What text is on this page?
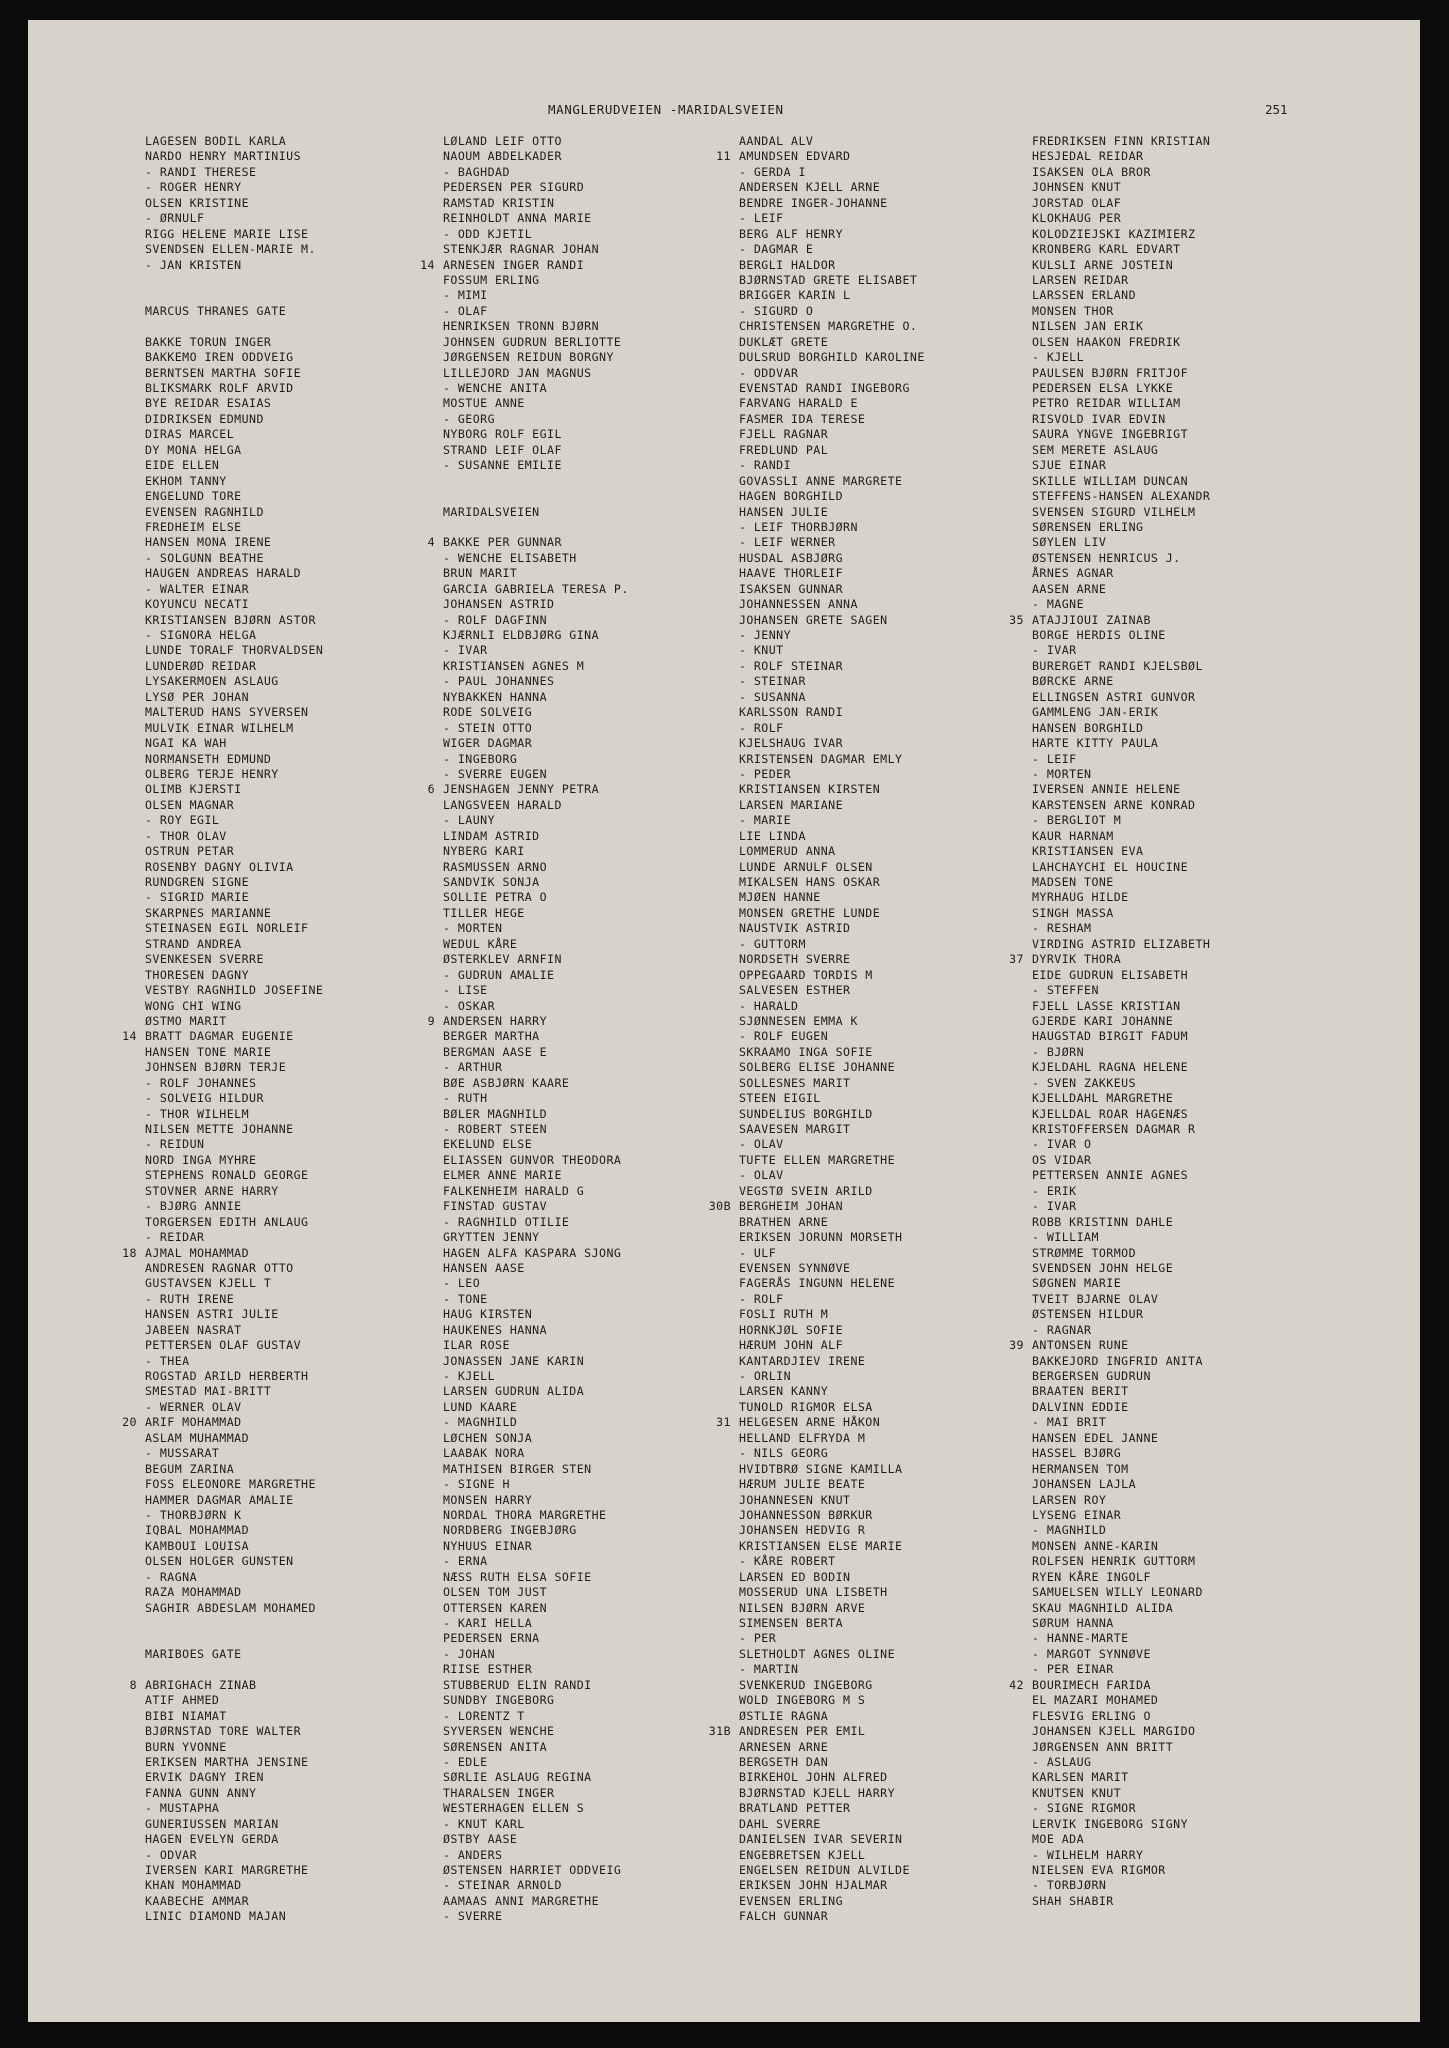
MANGLERUDVEIEN -MARIDALSVEIEN	251
LAGESEN BODIL KARLA
NARDO HENRY MARTINIUS
- RANDI THERESE
- ROGER HENRY
OLSEN KRISTINE
- ØRNULF
RIGG HELENE MARIE LISE
SVENDSEN ELLEN-MARIE M.
- JAN KRISTEN
MARCUS THRANES GATE
BAKKE TORUN INGER
BAKKEMO IREN ODDVEIG
BERNTSEN MARTHA SOFIE
BLIKSMARK ROLF ARVID
BYE REIDAR ESAIAS
DIDRIKSEN EDMUND
DIRAS MARCEL
DY MONA HELGA
EIDE ELLEN
EKHOM TANNY
ENGELUND TORE
EVENSEN RAGNHILD
FREDHEIM ELSE
HANSEN MONA IRENE
- SOLGUNN BEATHE
HAUGEN ANDREAS HARALD
- WALTER EINAR
KOYUNCU NECATI
KRISTIANSEN BJØRN ASTOR
- SIGNORA HELGA
LUNDE TORALF THORVALDSEN
LUNDERØD REIDAR
LYSAKERMOEN ASLAUG
LYSØ PER JOHAN
MALTERUD HANS SYVERSEN
MULVIK EINAR WILHELM
NGAI KA WAH
NORMANSETH EDMUND
OLBERG TERJE HENRY
OLIMB KJERSTI
OLSEN MAGNAR
- ROY EGIL
- THOR OLAV
OSTRUN PETAR
ROSENBY DAGNY OLIVIA
RUNDGREN SIGNE
- SIGRID MARIE
SKARPNES MARIANNE
STEINASEN EGIL NORLEIF
STRAND ANDREA
SVENKESEN SVERRE
THORESEN DAGNY
VESTBY RAGNHILD JOSEFINE
WONG CHI WING
ØSTMO MARIT
14 BRATT DAGMAR EUGENIE
HANSEN TONE MARIE
JOHNSEN BJØRN TERJE
- ROLF JOHANNES
- SOLVEIG HILDUR
- THOR WILHELM
NILSEN METTE JOHANNE
- REIDUN
NORD INGA MYHRE
STEPHENS RONALD GEORGE
STOVNER ARNE HARRY
- BJØRG ANNIE
TORGERSEN EDITH ANLAUG
- REIDAR
18 AJMAL MOHAMMAD
ANDRESEN RAGNAR OTTO
GUSTAVSEN KJELL T
- RUTH IRENE
HANSEN ASTRI JULIE
JABEEN NASRAT
PETTERSEN OLAF GUSTAV
- THEA
ROGSTAD ARILD HERBERTH
SMESTAD MAI-BRITT
- WERNER OLAV
20 ARIF MOHAMMAD
ASLAM MUHAMMAD
- MUSSARAT
BEGUM ZARINA
FOSS ELEONORE MARGRETHE
HAMMER DAGMAR AMALIE
- THORBJØRN K
IQBAL MOHAMMAD
KAMBOUI LOUISA
OLSEN HOLGER GUNSTEN
- RAGNA
RAZA MOHAMMAD
SAGHIR ABDESLAM MOHAMED
MARIBOES GATE
8 ABRIGHACH ZINAB
ATIF AHMED
BIBI NIAMAT
BJØRNSTAD TORE WALTER
BURN YVONNE
ERIKSEN MARTHA JENSINE
ERVIK DAGNY IREN
FANNA GUNN ANNY
- MUSTAPHA
GUNERIUSSEN MARIAN
HAGEN EVELYN GERDA
- ODVAR
IVERSEN KARI MARGRETHE
KHAN MOHAMMAD
KAABECHE AMMAR
LINIC DIAMOND MAJAN
LØLAND LEIF OTTO
NAOUM ABDELKADER
- BAGHDAD
PEDERSEN PER SIGURD
RAMSTAD KRISTIN
REINHOLDT ANNA MARIE
- ODD KJETIL
STENKJÆR RAGNAR JOHAN
14 ARNESEN INGER RANDI
FOSSUM ERLING
- MIMI
- OLAF
HENRIKSEN TRONN BJØRN
JOHNSEN GUDRUN BERLIOTTE
JØRGENSEN REIDUN BORGNY
LILLEJORD JAN MAGNUS
- WENCHE ANITA
MOSTUE ANNE
- GEORG
NYBORG ROLF EGIL
STRAND LEIF OLAF
- SUSANNE EMILIE
MARIDALSVEIEN
4 BAKKE PER GUNNAR
- WENCHE ELISABETH
BRUN MARIT
GARCIA GABRIELA TERESA P.
JOHANSEN ASTRID
- ROLF DAGFINN
KJÆRNLI ELDBJØRG GINA
- IVAR
KRISTIANSEN AGNES M
- PAUL JOHANNES
NYBAKKEN HANNA
RODE SOLVEIG
- STEIN OTTO
WIGER DAGMAR
- INGEBORG
- SVERRE EUGEN
6 JENSHAGEN JENNY PETRA
LANGSVEEN HARALD
- LAUNY
LINDAM ASTRID
NYBERG KARI
RASMUSSEN ARNO
SANDVIK SONJA
SOLLIE PETRA O
TILLER HEGE
- MORTEN
WEDUL KÅRE
ØSTERKLEV ARNFIN
- GUDRUN AMALIE
- LISE
- OSKAR
9 ANDERSEN HARRY
BERGER MARTHA
BERGMAN AASE E
- ARTHUR
BØE ASBJØRN KAARE
- RUTH
BØLER MAGNHILD
- ROBERT STEEN
EKELUND ELSE
ELIASSEN GUNVOR THEODORA
ELMER ANNE MARIE
FALKENHEIM HARALD G
FINSTAD GUSTAV
- RAGNHILD OTILIE
GRYTTEN JENNY
HAGEN ALFA KASPARA SJONG
HANSEN AASE
- LEO
- TONE
HAUG KIRSTEN
HAUKENES HANNA
ILAR ROSE
JONASSEN JANE KARIN
- KJELL
LARSEN GUDRUN ALIDA
LUND KAARE
- MAGNHILD
LØCHEN SONJA
LAABAK NORA
MATHISEN BIRGER STEN
- SIGNE H
MONSEN HARRY
NORDAL THORA MARGRETHE
NORDBERG INGEBJØRG
NYHUUS EINAR
- ERNA
NÆSS RUTH ELSA SOFIE
OLSEN TOM JUST
OTTERSEN KAREN
- KARI HELLA
PEDERSEN ERNA
- JOHAN
RIISE ESTHER
STUBBERUD ELIN RANDI
SUNDBY INGEBORG
- LORENTZ T
SYVERSEN WENCHE
SØRENSEN ANITA
- EDLE
SØRLIE ASLAUG REGINA
THARALSEN INGER
WESTERHAGEN ELLEN S
- KNUT KARL
ØSTBY AASE
- ANDERS
ØSTENSEN HARRIET ODDVEIG
- STEINAR ARNOLD
AAMAAS ANNI MARGRETHE
- SVERRE
AANDAL ALV
11 AMUNDSEN EDVARD
- GERDA I
ANDERSEN KJELL ARNE
BENDRE INGER-JOHANNE
- LEIF
BERG ALF HENRY
- DAGMAR E
BERGLI HALDOR
BJØRNSTAD GRETE ELISABET
BRIGGER KARIN L
- SIGURD O
CHRISTENSEN MARGRETHE O.
DUKLÆT GRETE
DULSRUD BORGHILD KAROLINE
- ODDVAR
EVENSTAD RANDI INGEBORG
FARVANG HARALD E
FASMER IDA TERESE
FJELL RAGNAR
FREDLUND PAL
- RANDI
GOVASSLI ANNE MARGRETE
HAGEN BORGHILD
HANSEN JULIE
- LEIF THORBJØRN
- LEIF WERNER
HUSDAL ASBJØRG
HAAVE THORLEIF
ISAKSEN GUNNAR
JOHANNESSEN ANNA
JOHANSEN GRETE SAGEN
- JENNY
- KNUT
- ROLF STEINAR
- STEINAR
- SUSANNA
KARLSSON RANDI
- ROLF
KJELSHAUG IVAR
KRISTENSEN DAGMAR EMLY
- PEDER
KRISTIANSEN KIRSTEN
LARSEN MARIANE
- MARIE
LIE LINDA
LOMMERUD ANNA
LUNDE ARNULF OLSEN
MIKALSEN HANS OSKAR
MJØEN HANNE
MONSEN GRETHE LUNDE
NAUSTVIK ASTRID
- GUTTORM
NORDSETH SVERRE
OPPEGAARD TORDIS M
SALVESEN ESTHER
- HARALD
SJØNNESEN EMMA K
- ROLF EUGEN
SKRAAMO INGA SOFIE
SOLBERG ELISE JOHANNE
SOLLESNES MARIT
STEEN EIGIL
SUNDELIUS BORGHILD
SAAVESEN MARGIT
- OLAV
TUFTE ELLEN MARGRETHE
- OLAV
VEGSTØ SVEIN ARILD
30B BERGHEIM JOHAN
BRATHEN ARNE
ERIKSEN JORUNN MORSETH
- ULF
EVENSEN SYNNØVE
FAGERÅS INGUNN HELENE
- ROLF
FOSLI RUTH M
HORNKJØL SOFIE
HÆRUM JOHN ALF
KANTARDJIEV IRENE
- ORLIN
LARSEN KANNY
TUNOLD RIGMOR ELSA
31 HELGESEN ARNE HÅKON
HELLAND ELFRYDA M
- NILS GEORG
HVIDTBRØ SIGNE KAMILLA
HÆRUM JULIE BEATE
JOHANNESEN KNUT
JOHANNESSON BØRKUR
JOHANSEN HEDVIG R
KRISTIANSEN ELSE MARIE
- KÅRE ROBERT
LARSEN ED BODIN
MOSSERUD UNA LISBETH
NILSEN BJØRN ARVE
SIMENSEN BERTA
- PER
SLETHOLDT AGNES OLINE
- MARTIN
SVENKERUD INGEBORG
WOLD INGEBORG M S
ØSTLIE RAGNA
31B ANDRESEN PER EMIL
ARNESEN ARNE
BERGSETH DAN
BIRKEHOL JOHN ALFRED
BJØRNSTAD KJELL HARRY
BRATLAND PETTER
DAHL SVERRE
DANIELSEN IVAR SEVERIN
ENGEBRETSEN KJELL
ENGELSEN REIDUN ALVILDE
ERIKSEN JOHN HJALMAR
EVENSEN ERLING
FALCH GUNNAR
FREDRIKSEN FINN KRISTIAN
HESJEDAL REIDAR
ISAKSEN OLA BROR
JOHNSEN KNUT
JORSTAD OLAF
KLOKHAUG PER
KOLODZIEJSKI KAZIMIERZ
KRONBERG KARL EDVART
KULSLI ARNE JOSTEIN
LARSEN REIDAR
LARSSEN ERLAND
MONSEN THOR
NILSEN JAN ERIK
OLSEN HAAKON FREDRIK
- KJELL
PAULSEN BJØRN FRITJOF
PEDERSEN ELSA LYKKE
PETRO REIDAR WILLIAM
RISVOLD IVAR EDVIN
SAURA YNGVE INGEBRIGT
SEM MERETE ASLAUG
SJUE EINAR
SKILLE WILLIAM DUNCAN
STEFFENS-HANSEN ALEXANDR
SVENSEN SIGURD VILHELM
SØRENSEN ERLING
SØYLEN LIV
ØSTENSEN HENRICUS J.
ÅRNES AGNAR
AASEN ARNE
- MAGNE
35 ATAJJIOUI ZAINAB
BORGE HERDIS OLINE
- IVAR
BURERGET RANDI KJELSBØL
BØRCKE ARNE
ELLINGSEN ASTRI GUNVOR
GAMMLENG JAN-ERIK
HANSEN BORGHILD
HARTE KITTY PAULA
- LEIF
- MORTEN
IVERSEN ANNIE HELENE
KARSTENSEN ARNE KONRAD
- BERGLIOT M
KAUR HARNAM
KRISTIANSEN EVA
LAHCHAYCHI EL HOUCINE
MADSEN TONE
MYRHAUG HILDE
SINGH MASSA
- RESHAM
VIRDING ASTRID ELIZABETH
37 DYRVIK THORA
EIDE GUDRUN ELISABETH
- STEFFEN
FJELL LASSE KRISTIAN
GJERDE KARI JOHANNE
HAUGSTAD BIRGIT FADUM
- BJØRN
KJELDAHL RAGNA HELENE
- SVEN ZAKKEUS
KJELLDAHL MARGRETHE
KJELLDAL ROAR HAGENÆS
KRISTOFFERSEN DAGMAR R
- IVAR O
OS VIDAR
PETTERSEN ANNIE AGNES
- ERIK
- IVAR
ROBB KRISTINN DAHLE
- WILLIAM
STRØMME TORMOD
SVENDSEN JOHN HELGE
SØGNEN MARIE
TVEIT BJARNE OLAV
ØSTENSEN HILDUR
- RAGNAR
39 ANTONSEN RUNE
BAKKEJORD INGFRID ANITA
BERGERSEN GUDRUN
BRAATEN BERIT
DALVINN EDDIE
- MAI BRIT
HANSEN EDEL JANNE
HASSEL BJØRG
HERMANSEN TOM
JOHANSEN LAJLA
LARSEN ROY
LYSENG EINAR
- MAGNHILD
MONSEN ANNE-KARIN
ROLFSEN HENRIK GUTTORM
RYEN KÅRE INGOLF
SAMUELSEN WILLY LEONARD
SKAU MAGNHILD ALIDA
SØRUM HANNA
- HANNE-MARTE
- MARGOT SYNNØVE
- PER EINAR
42 BOURIMECH FARIDA
EL MAZARI MOHAMED
FLESVIG ERLING O
JOHANSEN KJELL MARGIDO
JØRGENSEN ANN BRITT
- ASLAUG
KARLSEN MARIT
KNUTSEN KNUT
- SIGNE RIGMOR
LERVIK INGEBORG SIGNY
MOE ADA
- WILHELM HARRY
NIELSEN EVA RIGMOR
- TORBJØRN
SHAH SHABIR
